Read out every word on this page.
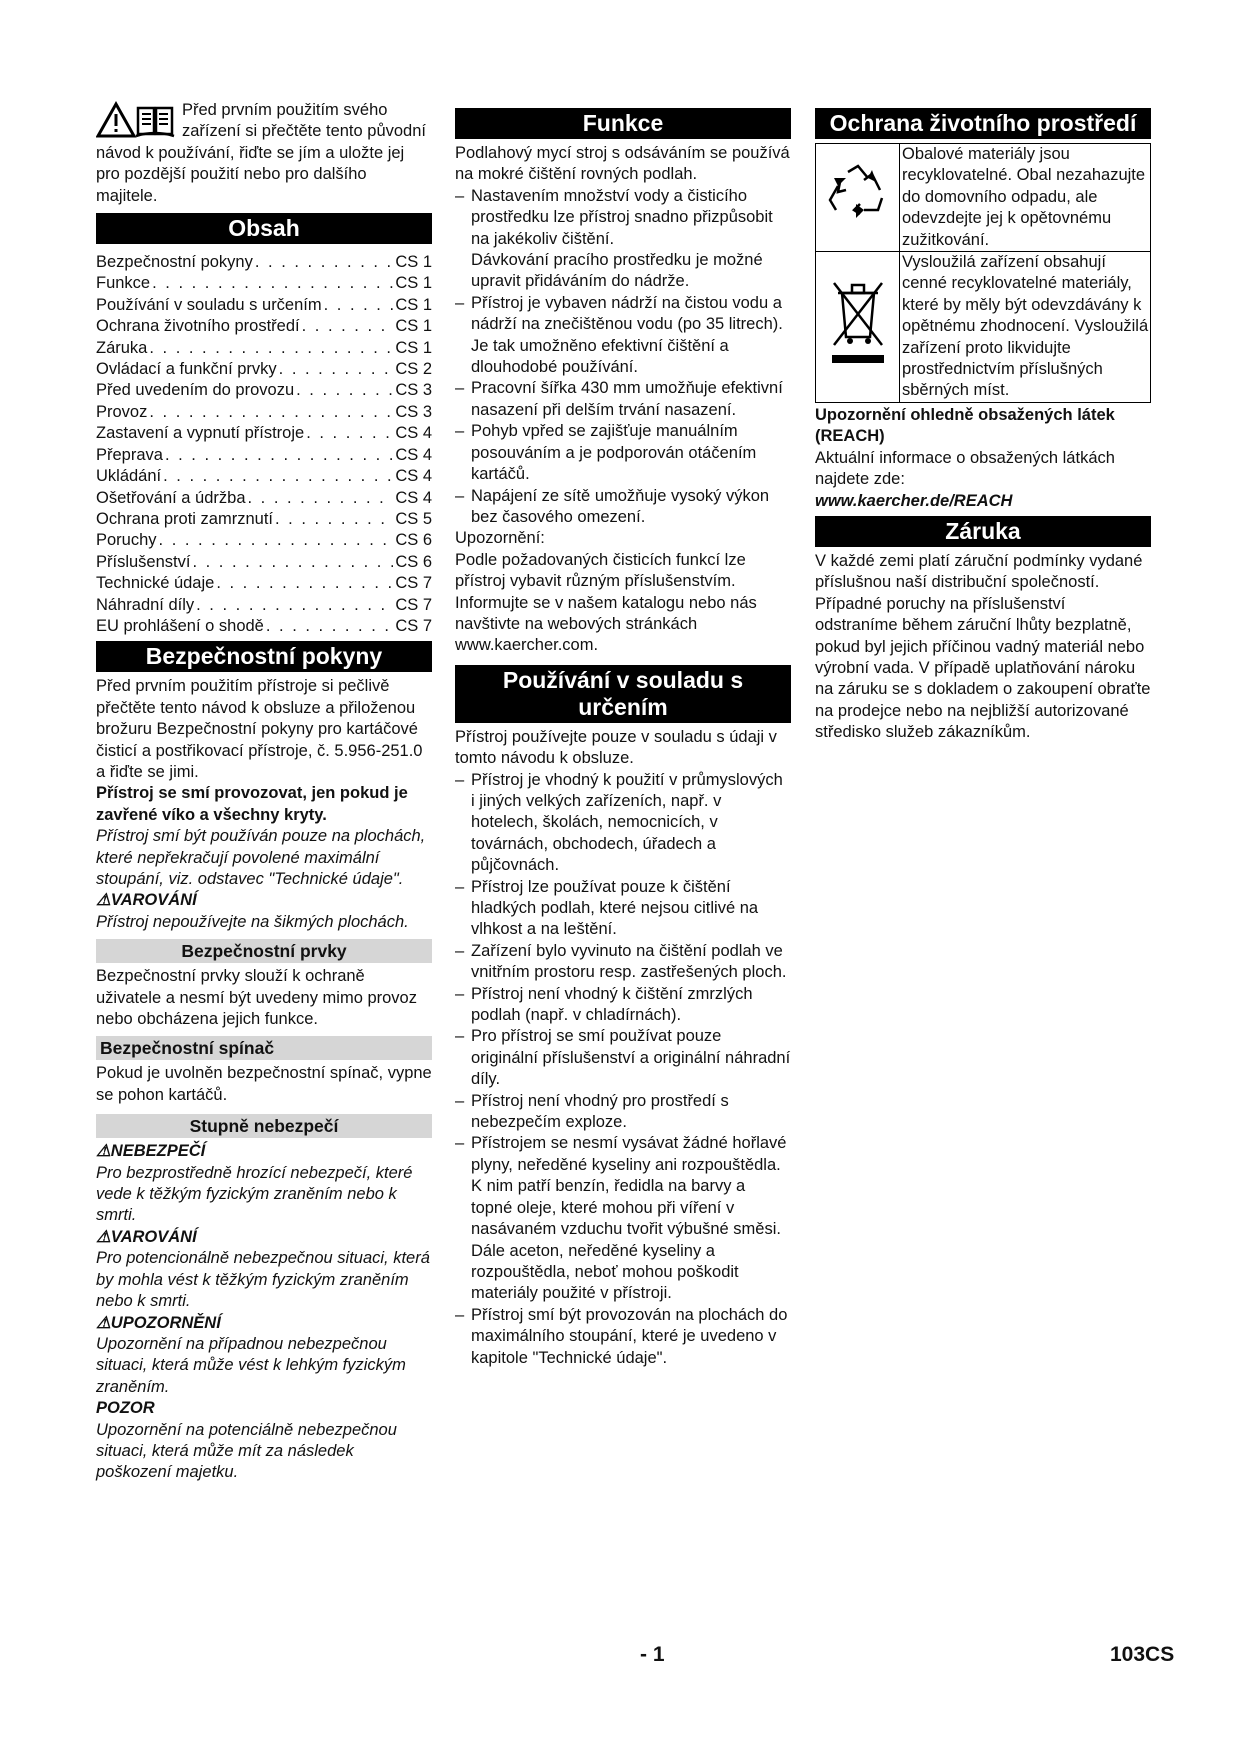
Před prvním použitím svého zařízení si přečtěte tento původní návod k používání, řiďte se jím a uložte jej pro pozdější použití nebo pro dalšího majitele.

Obsah
Bezpečnostní pokyny . . .	CS 1
Funkce . . .	CS 1
Používání v souladu s určením . . .	CS 1
Ochrana životního prostředí . . .	CS 1
Záruka . . .	CS 1
Ovládací a funkční prvky . . .	CS 2
Před uvedením do provozu . . .	CS 3
Provoz . . .	CS 3
Zastavení a vypnutí přístroje . . .	CS 4
Přeprava . . .	CS 4
Ukládání . . .	CS 4
Ošetřování a údržba . . .	CS 4
Ochrana proti zamrznutí . . .	CS 5
Poruchy . . .	CS 6
Příslušenství . . .	CS 6
Technické údaje . . .	CS 7
Náhradní díly . . .	CS 7
EU prohlášení o shodě . . .	CS 7
Bezpečnostní pokyny

Před prvním použitím přístroje si pečlivě přečtěte tento návod k obsluze a přiloženou brožuru Bezpečnostní pokyny pro kartáčové čisticí a postřikovací přístroje, č. 5.956-251.0 a řiďte se jimi.

Přístroj se smí provozovat, jen pokud je zavřené víko a všechny kryty.

Přístroj smí být používán pouze na plochách, které nepřekračují povolené maximální stoupání, viz. odstavec "Technické údaje".

⚠VAROVÁNÍ

Přístroj nepoužívejte na šikmých plochách.

Bezpečnostní prvky

Bezpečnostní prvky slouží k ochraně uživatele a nesmí být uvedeny mimo provoz nebo obcházena jejich funkce.

Bezpečnostní spínač

Pokud je uvolněn bezpečnostní spínač, vypne se pohon kartáčů.

Stupně nebezpečí

⚠NEBEZPEČÍ

Pro bezprostředně hrozící nebezpečí, které vede k těžkým fyzickým zraněním nebo k smrti.

⚠VAROVÁNÍ

Pro potencionálně nebezpečnou situaci, která by mohla vést k těžkým fyzickým zraněním nebo k smrti.

⚠UPOZORNĚNÍ

Upozornění na případnou nebezpečnou situaci, která může vést k lehkým fyzickým zraněním.

POZOR

Upozornění na potenciálně nebezpečnou situaci, která může mít za následek poškození majetku.

Funkce

Podlahový mycí stroj s odsáváním se používá na mokré čištění rovných podlah.

– Nastavením množství vody a čisticího prostředku lze přístroj snadno přizpůsobit na jakékoliv čištění.
Dávkování pracího prostředku je možné upravit přidáváním do nádrže.
– Přístroj je vybaven nádrží na čistou vodu a nádrží na znečištěnou vodu (po 35 litrech). Je tak umožněno efektivní čištění a dlouhodobé používání.
– Pracovní šířka 430 mm umožňuje efektivní nasazení při delším trvání nasazení.
– Pohyb vpřed se zajišťuje manuálním posouváním a je podporován otáčením kartáčů.
– Napájení ze sítě umožňuje vysoký výkon bez časového omezení.

Upozornění:

Podle požadovaných čisticích funkcí lze přístroj vybavit různým příslušenstvím. Informujte se v našem katalogu nebo nás navštivte na webových stránkách www.kaercher.com.

Používání v souladu s určením

Přístroj používejte pouze v souladu s údaji v tomto návodu k obsluze.

– Přístroj je vhodný k použití v průmyslových i jiných velkých zařízeních, např. v hotelech, školách, nemocnicích, v továrnách, obchodech, úřadech a půjčovnách.
– Přístroj lze používat pouze k čištění hladkých podlah, které nejsou citlivé na vlhkost a na leštění.
– Zařízení bylo vyvinuto na čištění podlah ve vnitřním prostoru resp. zastřešených ploch.
– Přístroj není vhodný k čištění zmrzlých podlah (např. v chladírnách).
– Pro přístroj se smí používat pouze originální příslušenství a originální náhradní díly.
– Přístroj není vhodný pro prostředí s nebezpečím exploze.
– Přístrojem se nesmí vysávat žádné hořlavé plyny, neředěné kyseliny ani rozpouštědla.
K nim patří benzín, ředidla na barvy a topné oleje, které mohou při víření v nasávaném vzduchu tvořit výbušné směsi. Dále aceton, neředěné kyseliny a rozpouštědla, neboť mohou poškodit materiály použité v přístroji.
– Přístroj smí být provozován na plochách do maximálního stoupání, které je uvedeno v kapitole "Technické údaje".
Ochrana životního prostředí
	Obalové materiály jsou recyklovatelné. Obal nezahazujte do domovního odpadu, ale odevzdejte jej k opětovnému zužitkování.
	Vysloužilá zařízení obsahují cenné recyklovatelné materiály, které by měly být odevzdávány k opětnému zhodnocení. Vysloužilá zařízení proto likvidujte prostřednictvím příslušných sběrných míst.

Upozornění ohledně obsažených látek (REACH)

Aktuální informace o obsažených látkách najdete zde:

www.kaercher.de/REACH

Záruka

V každé zemi platí záruční podmínky vydané příslušnou naší distribuční společností. Případné poruchy na příslušenství odstraníme během záruční lhůty bezplatně, pokud byl jejich příčinou vadný materiál nebo výrobní vada. V případě uplatňování nároku na záruku se s dokladem o zakoupení obraťte na prodejce nebo na nejbližší autorizované středisko služeb zákazníkům.

- 1	103CS
